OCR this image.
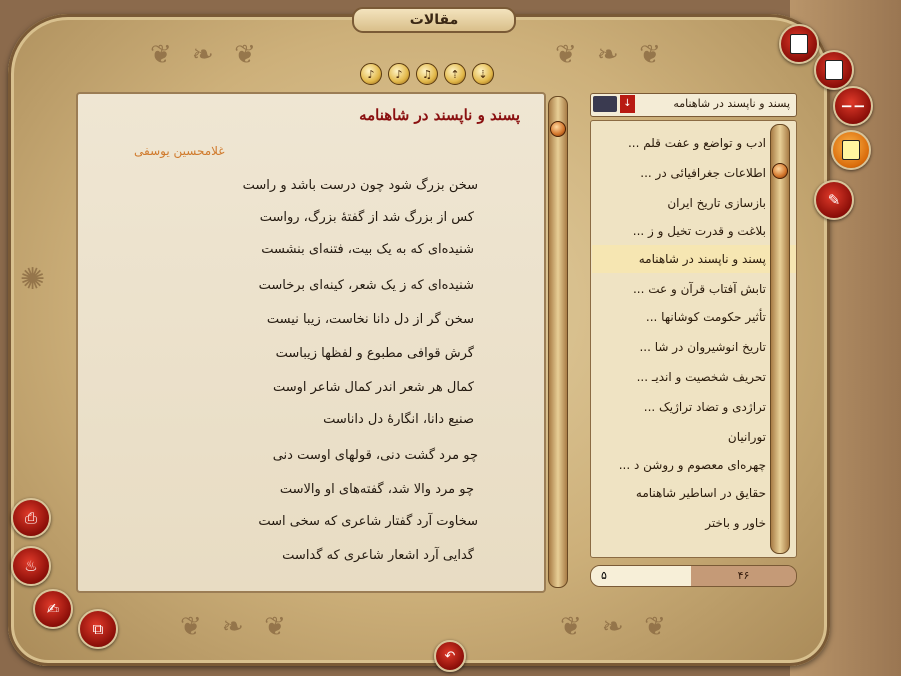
❦ ❧ ❦	❦ ❧ ❦
❦ ❧ ❦	❦ ❧ ❦
✺
مقالات
♪	♪	♫	⇡	⇣
پسند و ناپسند در شاهنامه
غلامحسین یوسفی
سخن بزرگ شود چون درست باشد و راست
کس از بزرگ شد از گفتهٔ بزرگ، رواست
شنیده‌ای که به یک بیت، فتنه‌ای بنشست
شنیده‌ای که ز یک شعر، کینه‌ای برخاست
سخن گر از دل دانا نخاست، زیبا نیست
گرش قوافی مطبوع و لفظها زیباست
کمال هر شعر اندر کمال شاعر اوست
صنیع دانا، انگارهٔ دل داناست
چو مرد گشت دنی، قولهای اوست دنی
چو مرد والا شد، گفته‌های او والاست
سخاوت آرد گفتار شاعری که سخی است
گدایی آرد اشعار شاعری که گداست
↓	پسند و ناپسند در شاهنامه
ادب و تواضع و عفت قلم ...
اطلاعات جغرافیائی در ...
بازسازی تاریخ ایران
بلاغت و قدرت تخیل و ز ...
پسند و ناپسند در شاهنامه
تابش آفتاب قرآن و عت ...
تأثیر حکومت کوشانها ...
تاریخ انوشیروان در شا ...
تحریف شخصیت و اندیـ ...
تراژدی و تضاد تراژیک ...
تورانیان
چهره‌ای معصوم و روشن د ...
حقایق در اساطیر شاهنامه
خاور و باختر
۵	۴۶
−−
✎
⎙
♨
✍
⧉
↶
